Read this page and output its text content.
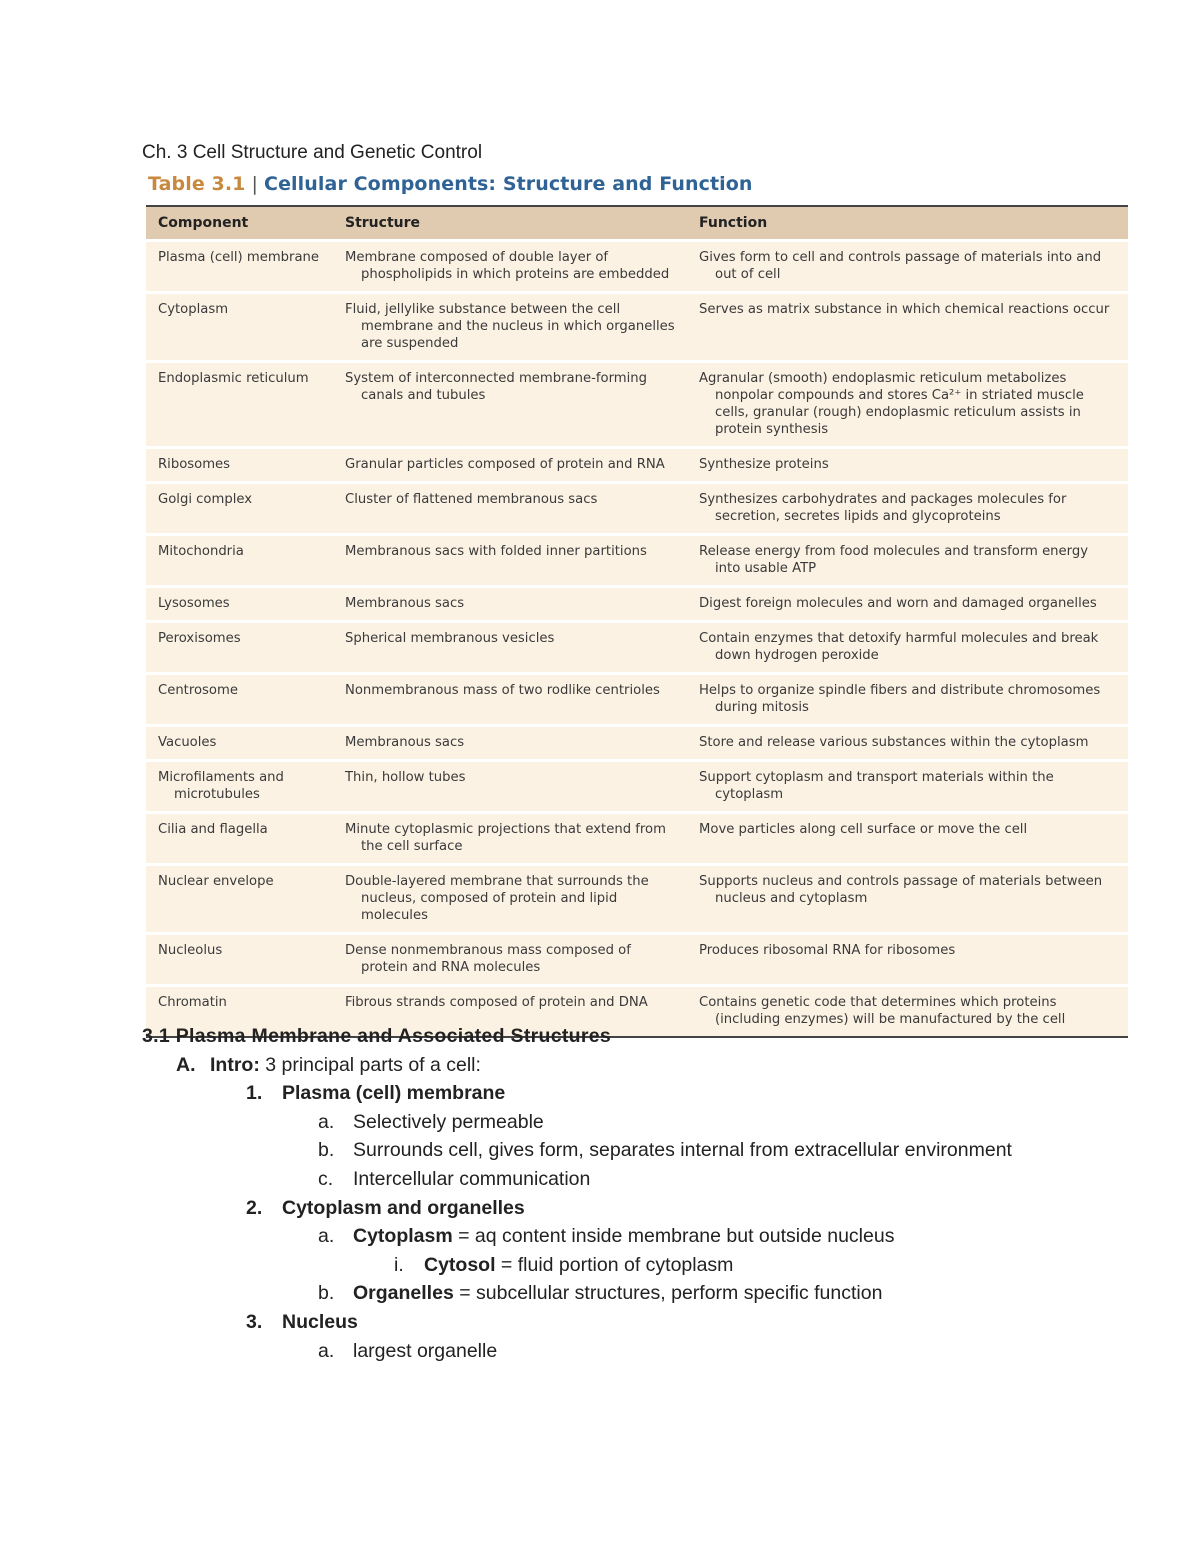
Ch. 3 Cell Structure and Genetic Control
Table 3.1 | Cellular Components: Structure and Function
Component	Structure	Function

Plasma (cell) membrane	Membrane composed of double layer of phospholipids in which proteins are embedded	Gives form to cell and controls passage of materials into and out of cell

Cytoplasm	Fluid, jellylike substance between the cell membrane and the nucleus in which organelles are suspended	Serves as matrix substance in which chemical reactions occur

Endoplasmic reticulum	System of interconnected membrane-forming canals and tubules	Agranular (smooth) endoplasmic reticulum metabolizes nonpolar compounds and stores Ca²⁺ in striated muscle cells, granular (rough) endoplasmic reticulum assists in protein synthesis

Ribosomes	Granular particles composed of protein and RNA	Synthesize proteins

Golgi complex	Cluster of flattened membranous sacs	Synthesizes carbohydrates and packages molecules for secretion, secretes lipids and glycoproteins

Mitochondria	Membranous sacs with folded inner partitions	Release energy from food molecules and transform energy into usable ATP

Lysosomes	Membranous sacs	Digest foreign molecules and worn and damaged organelles

Peroxisomes	Spherical membranous vesicles	Contain enzymes that detoxify harmful molecules and break down hydrogen peroxide

Centrosome	Nonmembranous mass of two rodlike centrioles	Helps to organize spindle fibers and distribute chromosomes during mitosis

Vacuoles	Membranous sacs	Store and release various substances within the cytoplasm

Microfilaments and microtubules	Thin, hollow tubes	Support cytoplasm and transport materials within the cytoplasm

Cilia and flagella	Minute cytoplasmic projections that extend from the cell surface	Move particles along cell surface or move the cell

Nuclear envelope	Double-layered membrane that surrounds the nucleus, composed of protein and lipid molecules	Supports nucleus and controls passage of materials between nucleus and cytoplasm

Nucleolus	Dense nonmembranous mass composed of protein and RNA molecules	Produces ribosomal RNA for ribosomes

Chromatin	Fibrous strands composed of protein and DNA	Contains genetic code that determines which proteins (including enzymes) will be manufactured by the cell
3.1 Plasma Membrane and Associated Structures
A. Intro: 3 principal parts of a cell:
1. Plasma (cell) membrane
a. Selectively permeable
b. Surrounds cell, gives form, separates internal from extracellular environment
c. Intercellular communication
2. Cytoplasm and organelles
a. Cytoplasm = aq content inside membrane but outside nucleus
i. Cytosol = fluid portion of cytoplasm
b. Organelles = subcellular structures, perform specific function
3. Nucleus
a. largest organelle
